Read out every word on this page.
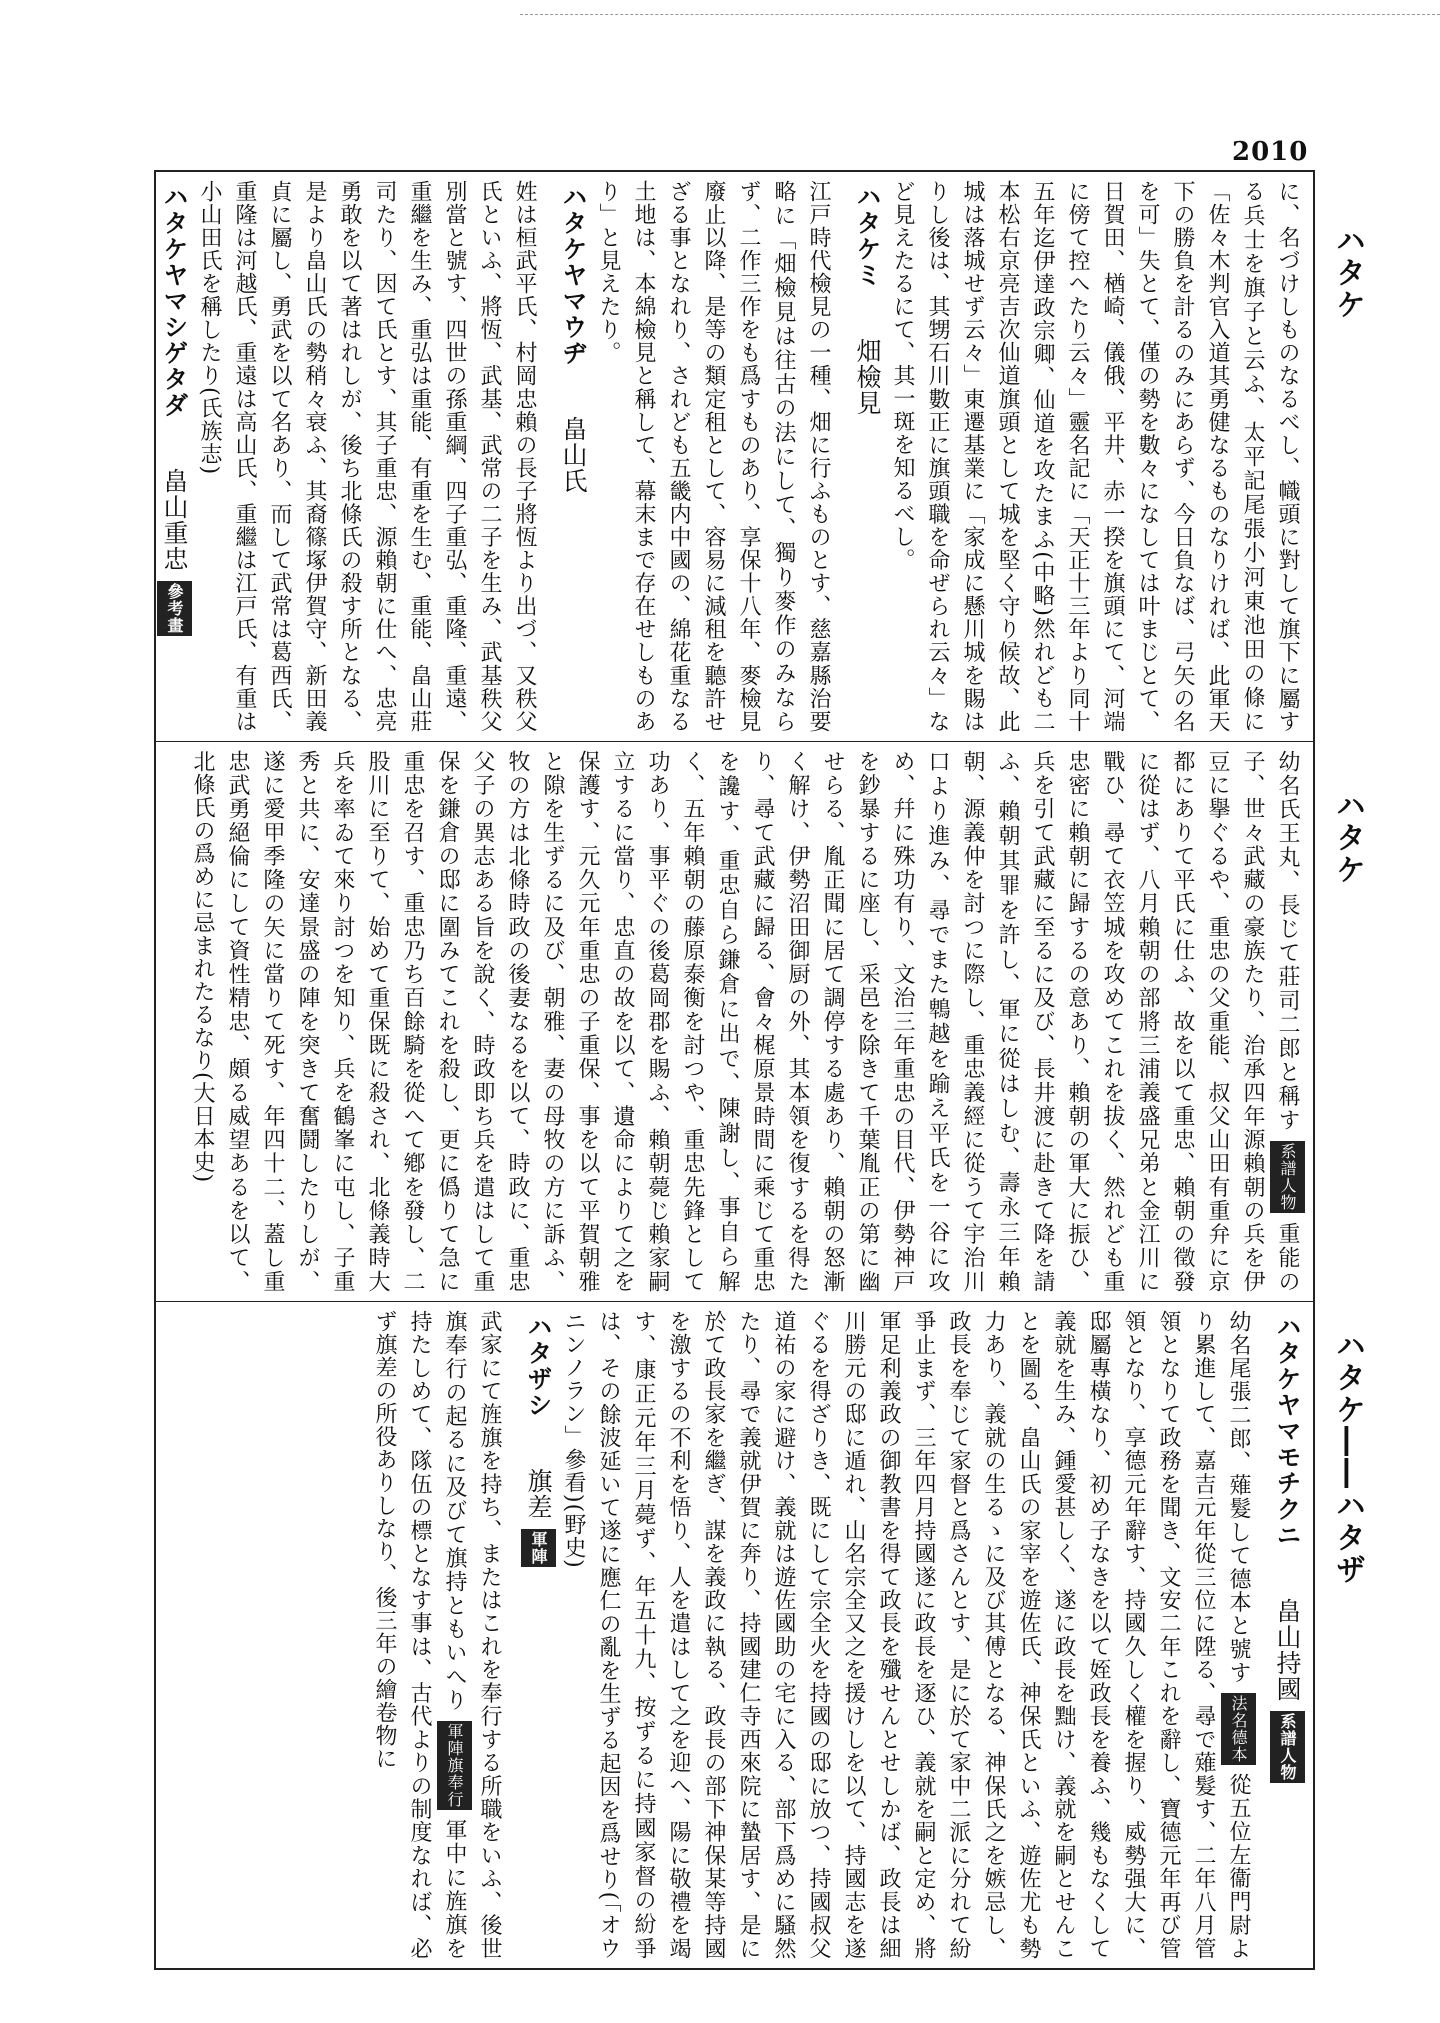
2010

に、名づけしものなるべし、幟頭に對して旗下に屬する兵士を旗子と云ふ、太平記尾張小河東池田の條に「佐々木判官入道其勇健なるものなりければ、此軍天下の勝負を計るのみにあらず、今日負なば、弓矢の名を可」失とて、僅の勢を數々になしては叶まじとて、日賀田、楢崎、儀俄、平井、赤一揆を旗頭にて、河端に傍て控へたり云々」靈名記に「天正十三年より同十五年迄伊達政宗卿、仙道を攻たまふ(中略)然れども二本松右京亮吉次仙道旗頭として城を堅く守り候故、此城は落城せず云々」東遷基業に「家成に懸川城を賜はりし後は、其甥石川數正に旗頭職を命ぜられ云々」など見えたるにて、其一斑を知るべし。

ハタケミ 畑檢見

江戸時代檢見の一種、畑に行ふものとす、慈嘉縣治要略に「畑檢見は往古の法にして、獨り麥作のみならず、二作三作をも爲すものあり、享保十八年、麥檢見廢止以降、是等の類定租として、容易に減租を聽許せざる事となれり、されども五畿内中國の、綿花重なる土地は、本綿檢見と稱して、幕末まで存在せしものあり」と見えたり。

ハタケヤマウヂ 畠山氏

姓は桓武平氏、村岡忠賴の長子將恆より出づ、又秩父氏といふ、將恆、武基、武常の二子を生み、武基秩父別當と號す、四世の孫重綱、四子重弘、重隆、重遠、重繼を生み、重弘は重能、有重を生む、重能、畠山莊司たり、因て氏とす、其子重忠、源賴朝に仕へ、忠亮勇敢を以て著はれしが、後ち北條氏の殺す所となる、是より畠山氏の勢稍々衰ふ、其裔篠塚伊賀守、新田義貞に屬し、勇武を以て名あり、而して武常は葛西氏、重隆は河越氏、重遠は高山氏、重繼は江戸氏、有重は小山田氏を稱したり(氏族志)

ハタケヤマシゲタダ 畠山重忠 參考畫

幼名氏王丸、長じて莊司二郎と稱す 系譜人物 重能の子、世々武藏の豪族たり、治承四年源賴朝の兵を伊豆に擧ぐるや、重忠の父重能、叔父山田有重弁に京都にありて平氏に仕ふ、故を以て重忠、賴朝の徵發に從はず、八月賴朝の部將三浦義盛兄弟と金江川に戰ひ、尋て衣笠城を攻めてこれを拔く、然れども重忠密に賴朝に歸するの意あり、賴朝の軍大に振ひ、兵を引て武藏に至るに及び、長井渡に赴きて降を請ふ、賴朝其罪を許し、軍に從はしむ、壽永三年賴朝、源義仲を討つに際し、重忠義經に從うて宇治川口より進み、尋でまた鵯越を踰え平氏を一谷に攻め、幷に殊功有り、文治三年重忠の目代、伊勢神戸を鈔暴するに座し、采邑を除きて千葉胤正の第に幽せらる、胤正聞に居て調停する處あり、賴朝の怒漸く解け、伊勢沼田御厨の外、其本領を復するを得たり、尋て武藏に歸る、會々梶原景時間に乘じて重忠を讒す、重忠自ら鎌倉に出で、陳謝し、事自ら解く、五年賴朝の藤原泰衡を討つや、重忠先鋒として功あり、事平ぐの後葛岡郡を賜ふ、賴朝薨じ賴家嗣立するに當り、忠直の故を以て、遺命によりて之を保護す、元久元年重忠の子重保、事を以て平賀朝雅と隙を生ずるに及び、朝雅、妻の母牧の方に訴ふ、牧の方は北條時政の後妻なるを以て、時政に、重忠父子の異志ある旨を說く、時政即ち兵を遣はして重保を鎌倉の邸に圍みてこれを殺し、更に僞りて急に重忠を召す、重忠乃ち百餘騎を從へて鄕を發し、二股川に至りて、始めて重保既に殺され、北條義時大兵を率ゐて來り討つを知り、兵を鶴峯に屯し、子重秀と共に、安達景盛の陣を突きて奮鬪したりしが、遂に愛甲季隆の矢に當りて死す、年四十二、蓋し重忠武勇絕倫にして資性精忠、頗る威望あるを以て、北條氏の爲めに忌まれたるなり(大日本史)

ハタケヤマモチクニ 畠山持國 系譜人物

幼名尾張二郎、薙髮して德本と號す 法名德本 從五位左衞門尉より累進して、嘉吉元年從三位に陞る、尋で薙髮す、二年八月管領となりて政務を聞き、文安二年これを辭し、寶德元年再び管領となり、享德元年辭す、持國久しく權を握り、威勢强大に、邸屬專橫なり、初め子なきを以て姪政長を養ふ、幾もなくして義就を生み、鍾愛甚しく、遂に政長を黜け、義就を嗣とせんことを圖る、畠山氏の家宰を遊佐氏、神保氏といふ、遊佐尤も勢力あり、義就の生るゝに及び其傅となる、神保氏之を嫉忌し、政長を奉じて家督と爲さんとす、是に於て家中二派に分れて紛爭止まず、三年四月持國遂に政長を逐ひ、義就を嗣と定め、將軍足利義政の御教書を得て政長を殲せんとせしかば、政長は細川勝元の邸に遁れ、山名宗全又之を援けしを以て、持國志を遂ぐるを得ざりき、既にして宗全火を持國の邸に放つ、持國叔父道祐の家に避け、義就は遊佐國助の宅に入る、部下爲めに騷然たり、尋で義就伊賀に奔り、持國建仁寺西來院に蟄居す、是に於て政長家を繼ぎ、謀を義政に執る、政長の部下神保某等持國を激するの不利を悟り、人を遣はして之を迎へ、陽に敬禮を竭す、康正元年三月薨ず、年五十九、按ずるに持國家督の紛爭は、その餘波延いて遂に應仁の亂を生ずる起因を爲せり(「オウニンノラン」參看)(野史)

ハタザシ 旗差 軍陣

武家にて旌旗を持ち、またはこれを奉行する所職をいふ、後世旗奉行の起るに及びて旗持ともいへり 軍陣旗奉行 軍中に旌旗を持たしめて、隊伍の標となす事は、古代よりの制度なれば、必ず旗差の所役ありしなり、後三年の繪卷物に

ハタケ
ハタケ
ハタケ――ハタザ
